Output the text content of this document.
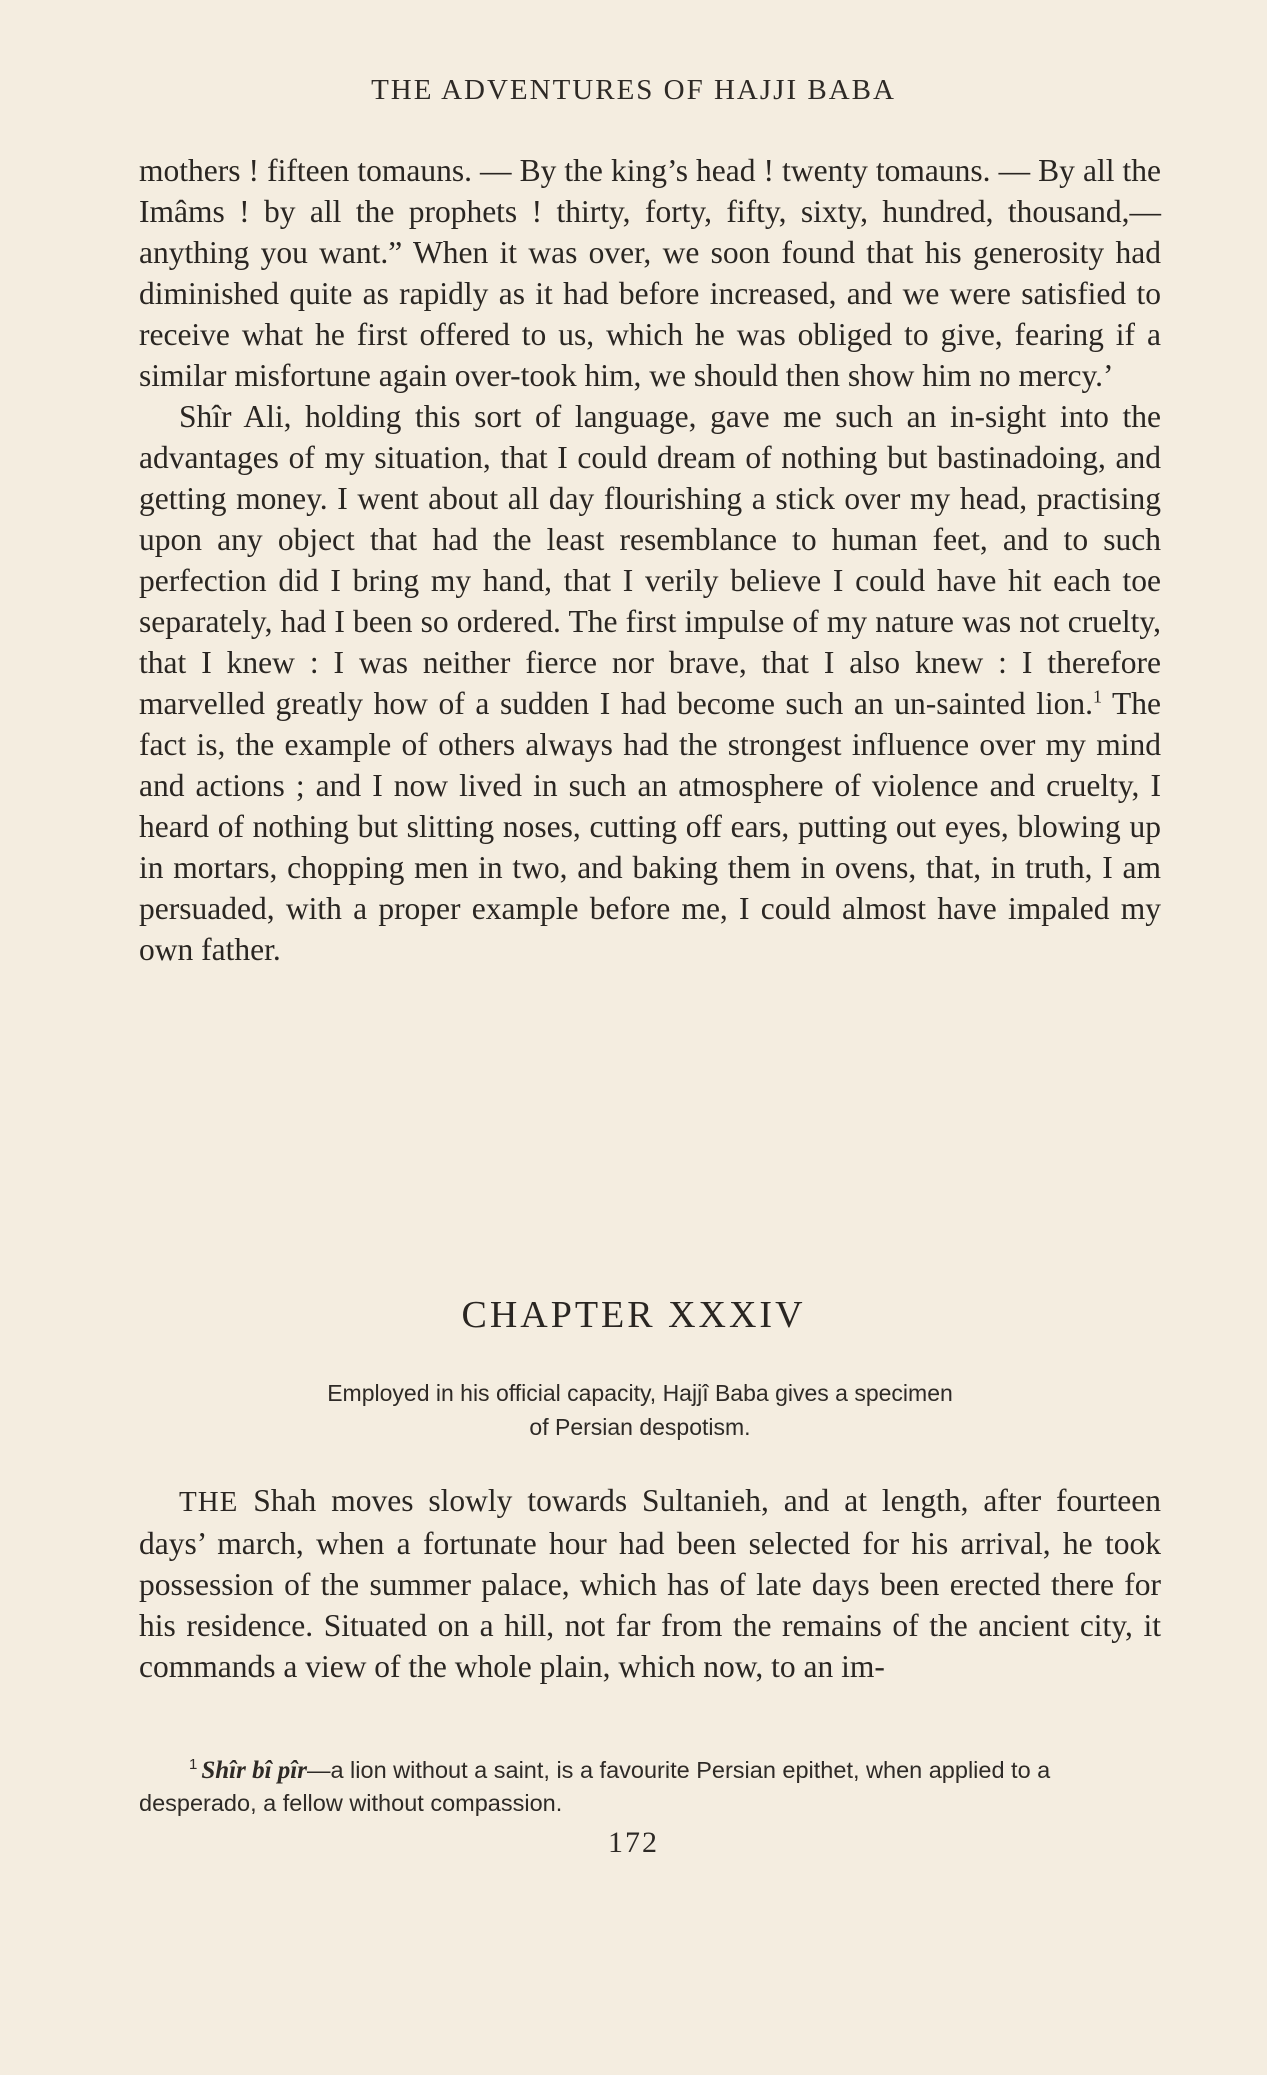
THE ADVENTURES OF HAJJI BABA

mothers ! fifteen tomauns. — By the king’s head ! twenty tomauns. — By all the Imâms ! by all the prophets ! thirty, forty, fifty, sixty, hundred, thousand,—anything you want.” When it was over, we soon found that his generosity had diminished quite as rapidly as it had before increased, and we were satisfied to receive what he first offered to us, which he was obliged to give, fearing if a similar misfortune again over-took him, we should then show him no mercy.’

Shîr Ali, holding this sort of language, gave me such an in-sight into the advantages of my situation, that I could dream of nothing but bastinadoing, and getting money. I went about all day flourishing a stick over my head, practising upon any object that had the least resemblance to human feet, and to such perfection did I bring my hand, that I verily believe I could have hit each toe separately, had I been so ordered. The first impulse of my nature was not cruelty, that I knew : I was neither fierce nor brave, that I also knew : I therefore marvelled greatly how of a sudden I had become such an un-sainted lion.$^1$ The fact is, the example of others always had the strongest influence over my mind and actions ; and I now lived in such an atmosphere of violence and cruelty, I heard of nothing but slitting noses, cutting off ears, putting out eyes, blowing up in mortars, chopping men in two, and baking them in ovens, that, in truth, I am persuaded, with a proper example before me, I could almost have impaled my own father.

CHAPTER XXXIV
Employed in his official capacity, Hajjî Baba gives a specimen
of Persian despotism.

THE Shah moves slowly towards Sultanieh, and at length, after fourteen days’ march, when a fortunate hour had been selected for his arrival, he took possession of the summer palace, which has of late days been erected there for his residence. Situated on a hill, not far from the remains of the ancient city, it commands a view of the whole plain, which now, to an im-

$^1$ Shîr bî pîr—a lion without a saint, is a favourite Persian epithet, when applied to a desperado, a fellow without compassion.
172
